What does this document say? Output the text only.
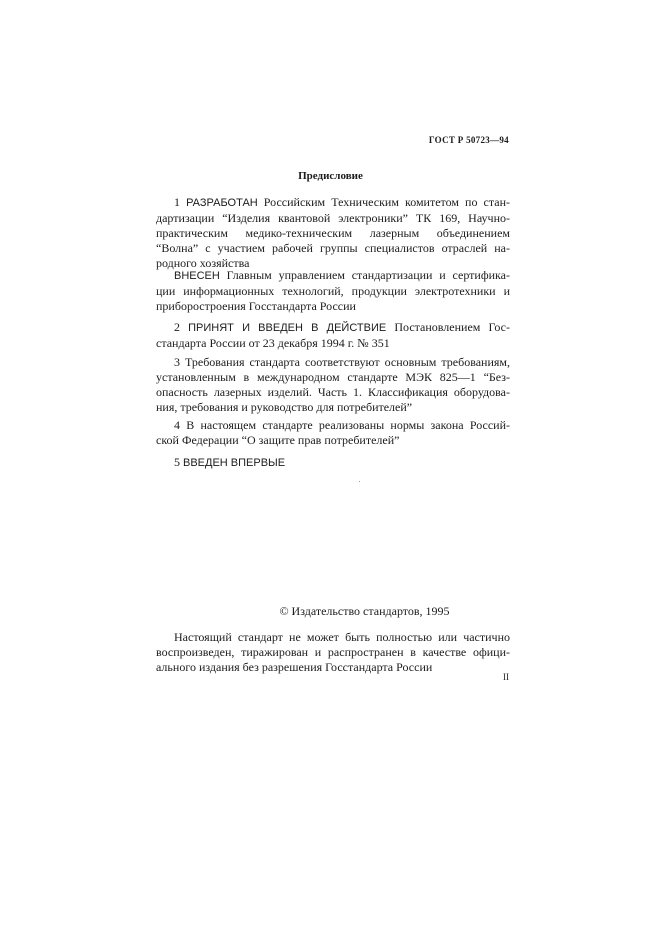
ГОСТ Р 50723—94
Предисловие
1 РАЗРАБОТАН Российским Техническим комитетом по стан-
дартизации “Изделия квантовой электроники” ТК 169, Научно-
практическим медико-техническим лазерным объединением
“Волна” с участием рабочей группы специалистов отраслей на-
родного хозяйства
ВНЕСЕН Главным управлением стандартизации и сертифика-
ции информационных технологий, продукции электротехники и
приборостроения Госстандарта России
2 ПРИНЯТ И ВВЕДЕН В ДЕЙСТВИЕ Постановлением Гос-
стандарта России от 23 декабря 1994 г. № 351
3 Требования стандарта соответствуют основным требованиям,
установленным в международном стандарте МЭК 825—1 “Без-
опасность лазерных изделий. Часть 1. Классификация оборудова-
ния, требования и руководство для потребителей”
4 В настоящем стандарте реализованы нормы закона Россий-
ской Федерации “О защите прав потребителей”
5 ВВЕДЕН ВПЕРВЫЕ
© Издательство стандартов, 1995
Настоящий стандарт не может быть полностью или частично
воспроизведен, тиражирован и распространен в качестве офици-
ального издания без разрешения Госстандарта России
II
